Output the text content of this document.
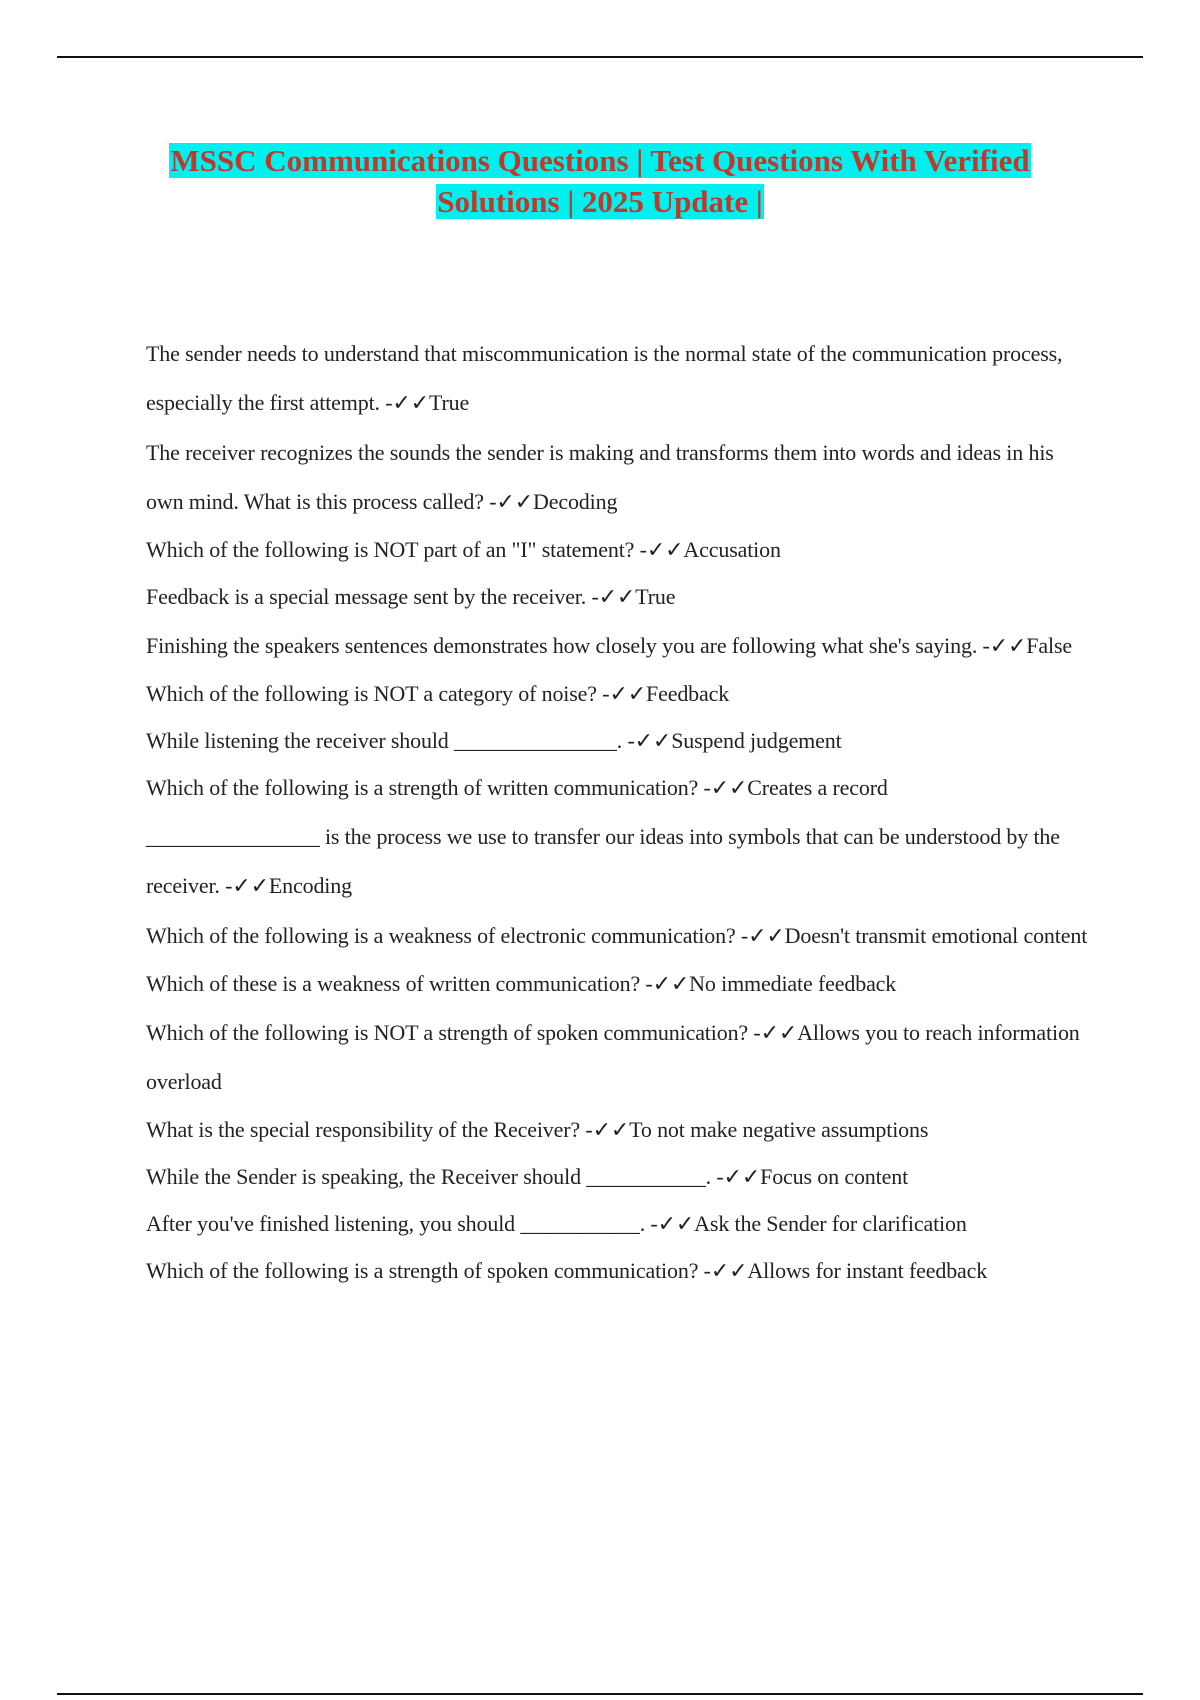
MSSC Communications Questions | Test Questions With Verified
Solutions | 2025 Update |
The sender needs to understand that miscommunication is the normal state of the communication process, especially the first attempt. -✓✓True
The receiver recognizes the sounds the sender is making and transforms them into words and ideas in his own mind. What is this process called? -✓✓Decoding
Which of the following is NOT part of an "I" statement? -✓✓Accusation
Feedback is a special message sent by the receiver. -✓✓True
Finishing the speakers sentences demonstrates how closely you are following what she's saying. -✓✓False
Which of the following is NOT a category of noise? -✓✓Feedback
While listening the receiver should _______________. -✓✓Suspend judgement
Which of the following is a strength of written communication? -✓✓Creates a record
________________ is the process we use to transfer our ideas into symbols that can be understood by the receiver. -✓✓Encoding
Which of the following is a weakness of electronic communication? -✓✓Doesn't transmit emotional content
Which of these is a weakness of written communication? -✓✓No immediate feedback
Which of the following is NOT a strength of spoken communication? -✓✓Allows you to reach information overload
What is the special responsibility of the Receiver? -✓✓To not make negative assumptions
While the Sender is speaking, the Receiver should ___________. -✓✓Focus on content
After you've finished listening, you should ___________. -✓✓Ask the Sender for clarification
Which of the following is a strength of spoken communication? -✓✓Allows for instant feedback
